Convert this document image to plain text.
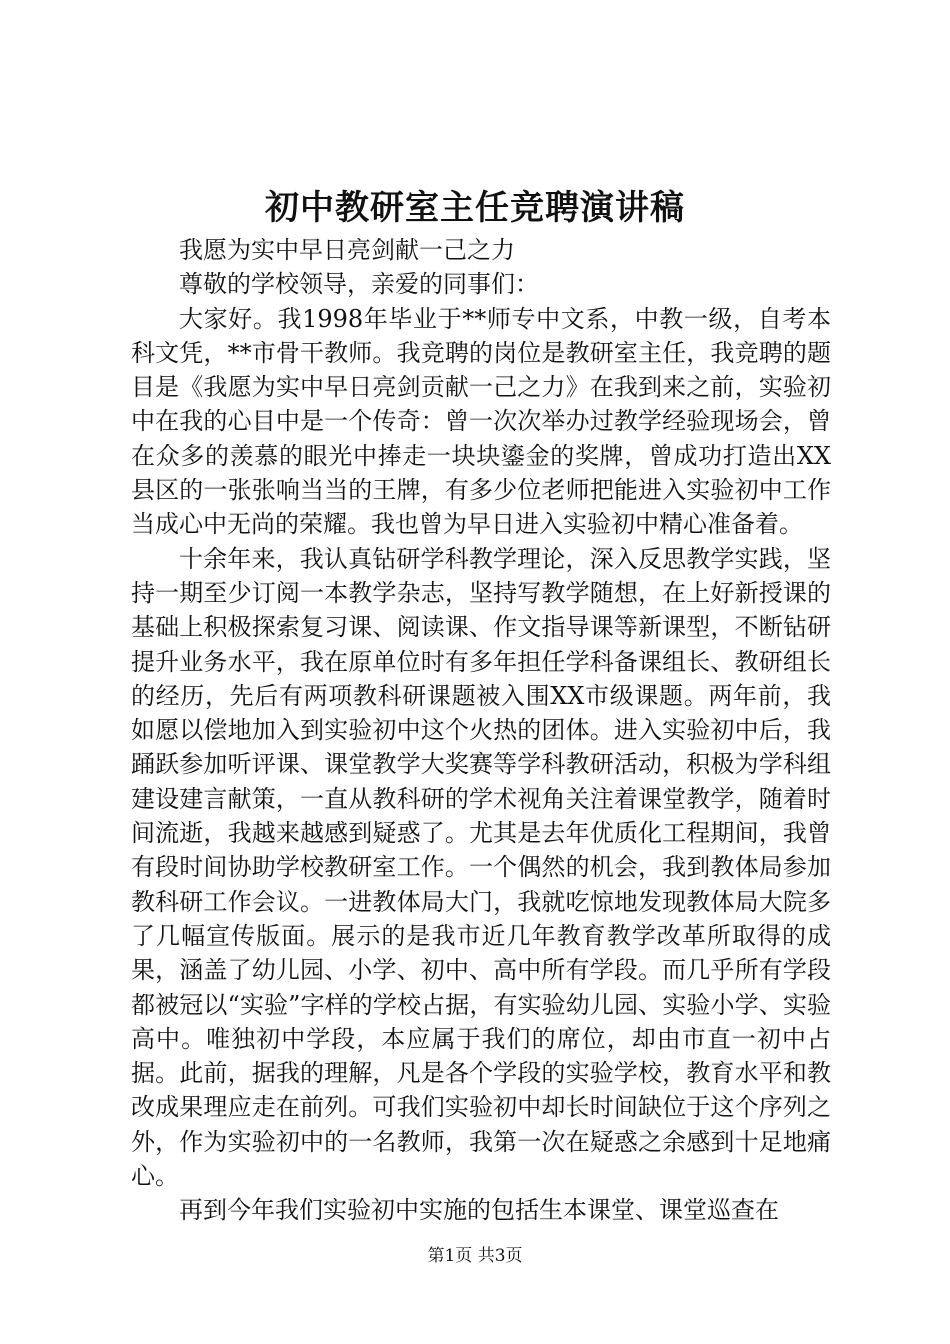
初中教研室主任竞聘演讲稿

我愿为实中早日亮剑献一己之力

尊敬的学校领导，亲爱的同事们：

大家好。我1998年毕业于**师专中文系，中教一级，自考本科文凭，**市骨干教师。我竞聘的岗位是教研室主任，我竞聘的题目是《我愿为实中早日亮剑贡献一己之力》在我到来之前，实验初中在我的心目中是一个传奇：曾一次次举办过教学经验现场会，曾在众多的羡慕的眼光中捧走一块块鎏金的奖牌，曾成功打造出XX县区的一张张响当当的王牌，有多少位老师把能进入实验初中工作当成心中无尚的荣耀。我也曾为早日进入实验初中精心准备着。

十余年来，我认真钻研学科教学理论，深入反思教学实践，坚持一期至少订阅一本教学杂志，坚持写教学随想，在上好新授课的基础上积极探索复习课、阅读课、作文指导课等新课型，不断钻研提升业务水平，我在原单位时有多年担任学科备课组长、教研组长的经历，先后有两项教科研课题被入围XX市级课题。两年前，我如愿以偿地加入到实验初中这个火热的团体。进入实验初中后，我踊跃参加听评课、课堂教学大奖赛等学科教研活动，积极为学科组建设建言献策，一直从教科研的学术视角关注着课堂教学，随着时间流逝，我越来越感到疑惑了。尤其是去年优质化工程期间，我曾有段时间协助学校教研室工作。一个偶然的机会，我到教体局参加教科研工作会议。一进教体局大门，我就吃惊地发现教体局大院多了几幅宣传版面。展示的是我市近几年教育教学改革所取得的成果，涵盖了幼儿园、小学、初中、高中所有学段。而几乎所有学段都被冠以“实验”字样的学校占据，有实验幼儿园、实验小学、实验高中。唯独初中学段，本应属于我们的席位，却由市直一初中占据。此前，据我的理解，凡是各个学段的实验学校，教育水平和教改成果理应走在前列。可我们实验初中却长时间缺位于这个序列之外，作为实验初中的一名教师，我第一次在疑惑之余感到十足地痛心。

再到今年我们实验初中实施的包括生本课堂、课堂巡查在

第1页 共3页
